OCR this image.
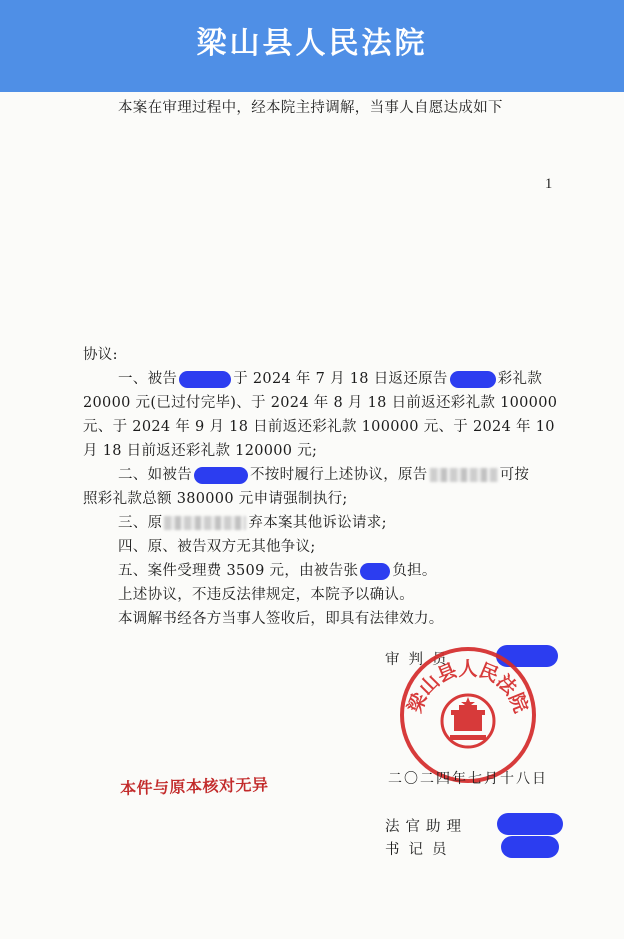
梁山县人民法院
本案在审理过程中，经本院主持调解，当事人自愿达成如下
1
协议:
一、被告	于 2024 年 7 月 18 日返还原告	彩礼款
20000 元(已过付完毕)、于 2024 年 8 月 18 日前返还彩礼款 100000
元、于 2024 年 9 月 18 日前返还彩礼款 100000 元、于 2024 年 10
月 18 日前返还彩礼款 120000 元;
二、如被告	不按时履行上述协议，原告	可按
照彩礼款总额 380000 元申请强制执行;
三、原	弃本案其他诉讼请求;
四、原、被告双方无其他争议;
五、案件受理费 3509 元，由被告张 负担。
上述协议，不违反法律规定，本院予以确认。
本调解书经各方当事人签收后，即具有法律效力。
审判员
梁山县人民法院
二〇二四年七月十八日
本件与原本核对无异
法官助理
书记员
